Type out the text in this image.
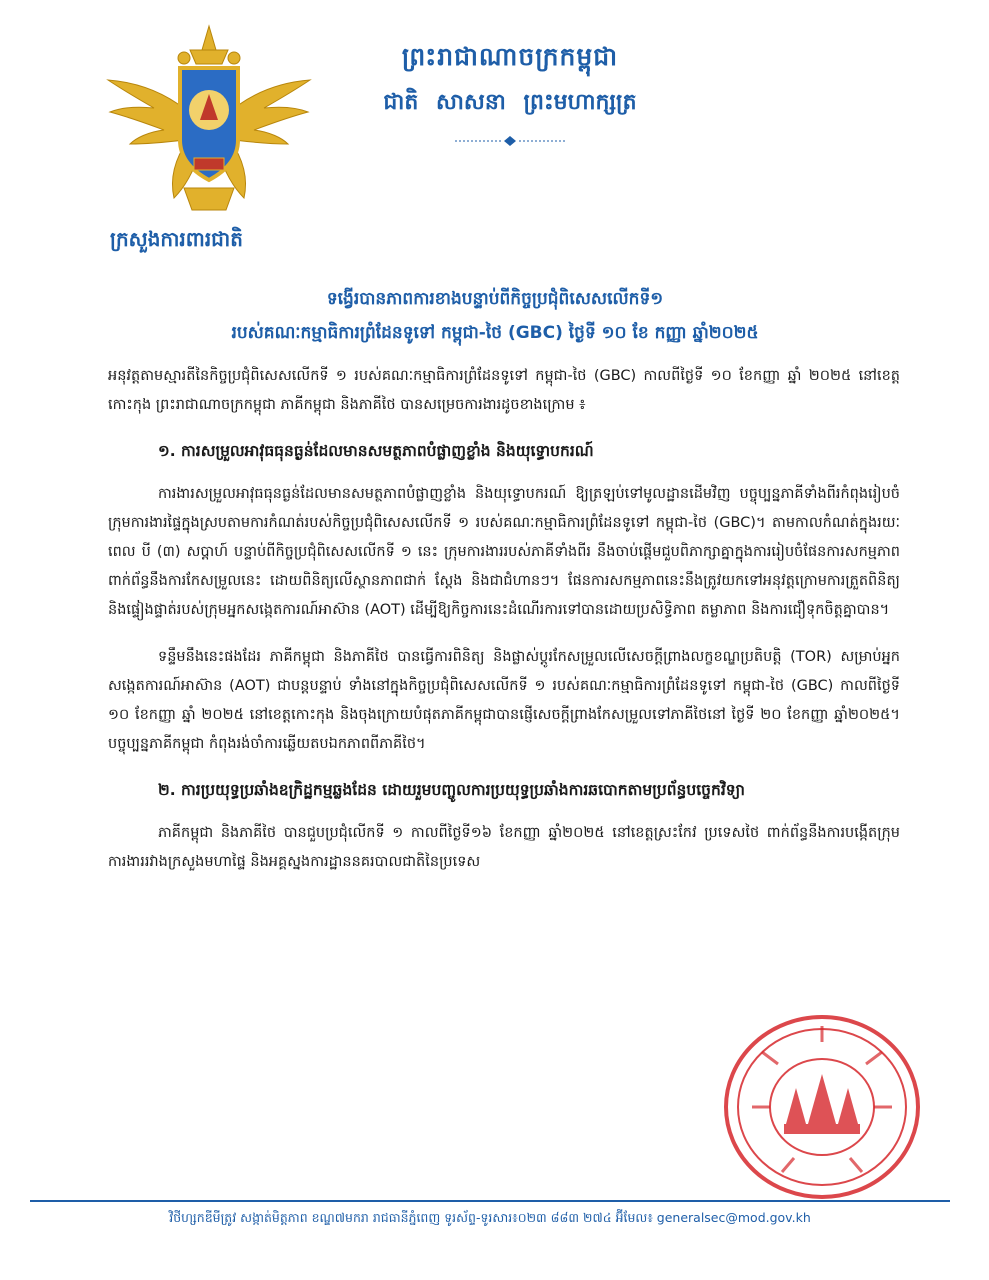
ព្រះរាជាណាចក្រកម្ពុជា

ជាតិ សាសនា ព្រះមហាក្សត្រ

ក្រសួងការពារជាតិ

ទង្វើរបានភាពការខាងបន្ទាប់ពីកិច្ចប្រជុំពិសេសលើកទី១
របស់គណៈកម្មាធិការព្រំដែនទូទៅ កម្ពុជា-ថៃ (GBC) ថ្ងៃទី ១០ ខែ កញ្ញា ឆ្នាំ២០២៥

អនុវត្តតាមស្មារតីនៃកិច្ចប្រជុំពិសេសលើកទី ១ របស់គណៈកម្មាធិការព្រំដែនទូទៅ កម្ពុជា-ថៃ (GBC) កាលពីថ្ងៃទី ១០ ខែកញ្ញា ឆ្នាំ ២០២៥ នៅខេត្តកោះកុង ព្រះរាជាណាចក្រកម្ពុជា ភាគីកម្ពុជា និងភាគីថៃ បានសម្រេចការងារដូចខាងក្រោម ៖

១. ការសម្រួលអាវុធធុនធ្ងន់ដែលមានសមត្ថភាពបំផ្លាញខ្លាំង និងយុទ្ធោបករណ៍

ការងារសម្រួលអាវុធធុនធ្ងន់ដែលមានសមត្ថភាពបំផ្លាញខ្លាំង និងយុទ្ធោបករណ៍ ឱ្យត្រឡប់ទៅមូលដ្ឋានដើមវិញ បច្ចុប្បន្នភាគីទាំងពីរកំពុងរៀបចំក្រុមការងារផ្ទៃក្នុងស្របតាមការកំណត់របស់កិច្ចប្រជុំពិសេសលើកទី ១ របស់គណៈកម្មាធិការព្រំដែនទូទៅ កម្ពុជា-ថៃ (GBC)។ តាមកាលកំណត់ក្នុងរយៈពេល បី (៣) សប្តាហ៍ បន្ទាប់ពីកិច្ចប្រជុំពិសេសលើកទី ១ នេះ ក្រុមការងាររបស់ភាគីទាំងពីរ នឹងចាប់ផ្តើមជួបពិភាក្សាគ្នាក្នុងការរៀបចំផែនការសកម្មភាពពាក់ព័ន្ធនឹងការកែសម្រួលនេះ ដោយពិនិត្យលើស្ថានភាពជាក់ ស្តែង និងជាជំហានៗ។ ផែនការសកម្មភាពនេះនឹងត្រូវយកទៅអនុវត្តក្រោមការត្រួតពិនិត្យ និងផ្ទៀងផ្ទាត់របស់ក្រុមអ្នកសង្កេតការណ៍អាស៊ាន (AOT) ដើម្បីឱ្យកិច្ចការនេះដំណើរការទៅបានដោយប្រសិទ្ធិភាព តម្លាភាព និងការជឿទុកចិត្តគ្នាបាន។

ទន្ទឹមនឹងនេះផងដែរ ភាគីកម្ពុជា និងភាគីថៃ បានធ្វើការពិនិត្យ និងផ្លាស់ប្តូរកែសម្រួលលើសេចក្តីព្រាងលក្ខខណ្ឌប្រតិបត្តិ (TOR) សម្រាប់អ្នកសង្កេតការណ៍អាស៊ាន (AOT) ជាបន្តបន្ទាប់ ទាំងនៅក្នុងកិច្ចប្រជុំពិសេសលើកទី ១ របស់គណៈកម្មាធិការព្រំដែនទូទៅ កម្ពុជា-ថៃ (GBC) កាលពីថ្ងៃទី ១០ ខែកញ្ញា ឆ្នាំ ២០២៥ នៅខេត្តកោះកុង និងចុងក្រោយបំផុតភាគីកម្ពុជាបានផ្ញើសេចក្តីព្រាងកែសម្រួលទៅភាគីថៃនៅ ថ្ងៃទី ២០ ខែកញ្ញា ឆ្នាំ២០២៥។ បច្ចុប្បន្នភាគីកម្ពុជា កំពុងរង់ចាំការឆ្លើយតបឯកភាពពីភាគីថៃ។

២. ការប្រយុទ្ធប្រឆាំងឧក្រិដ្ឋកម្មឆ្លងដែន ដោយរួមបញ្ចូលការប្រយុទ្ធប្រឆាំងការឆបោកតាមប្រព័ន្ធបច្ចេកវិទ្យា

ភាគីកម្ពុជា និងភាគីថៃ បានជួបប្រជុំលើកទី ១ កាលពីថ្ងៃទី១៦ ខែកញ្ញា ឆ្នាំ២០២៥ នៅខេត្តស្រះកែវ ប្រទេសថៃ ពាក់ព័ន្ធនឹងការបង្កើតក្រុមការងាររវាងក្រសួងមហាផ្ទៃ និងអគ្គស្នងការដ្ឋាននគរបាលជាតិនៃប្រទេស

វិថីហ្សកឌីមីត្រូវ សង្កាត់មិត្តភាព ខណ្ឌ៧មករា រាជធានីភ្នំពេញ ទូរស័ព្ទ-ទូរសារ៖០២៣ ៨៨៣ ២៧៤ អ៊ីមែល៖ generalsec@mod.gov.kh
